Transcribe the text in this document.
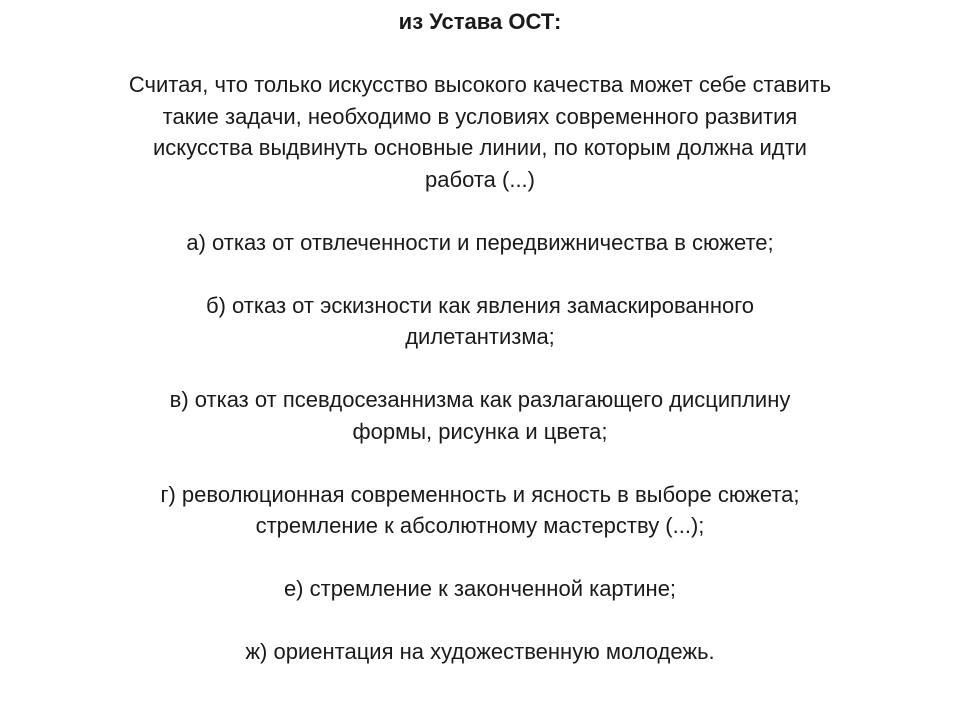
из Устава ОСТ:
Считая, что только искусство высокого качества может себе ставить
такие задачи, необходимо в условиях современного развития
искусства выдвинуть основные линии, по которым должна идти
работа (...)
а) отказ от отвлеченности и передвижничества в сюжете;
б) отказ от эскизности как явления замаскированного
дилетантизма;
в) отказ от псевдосезаннизма как разлагающего дисциплину
формы, рисунка и цвета;
г) революционная современность и ясность в выборе сюжета;
стремление к абсолютному мастерству (...);
е) стремление к законченной картине;
ж) ориентация на художественную молодежь.
